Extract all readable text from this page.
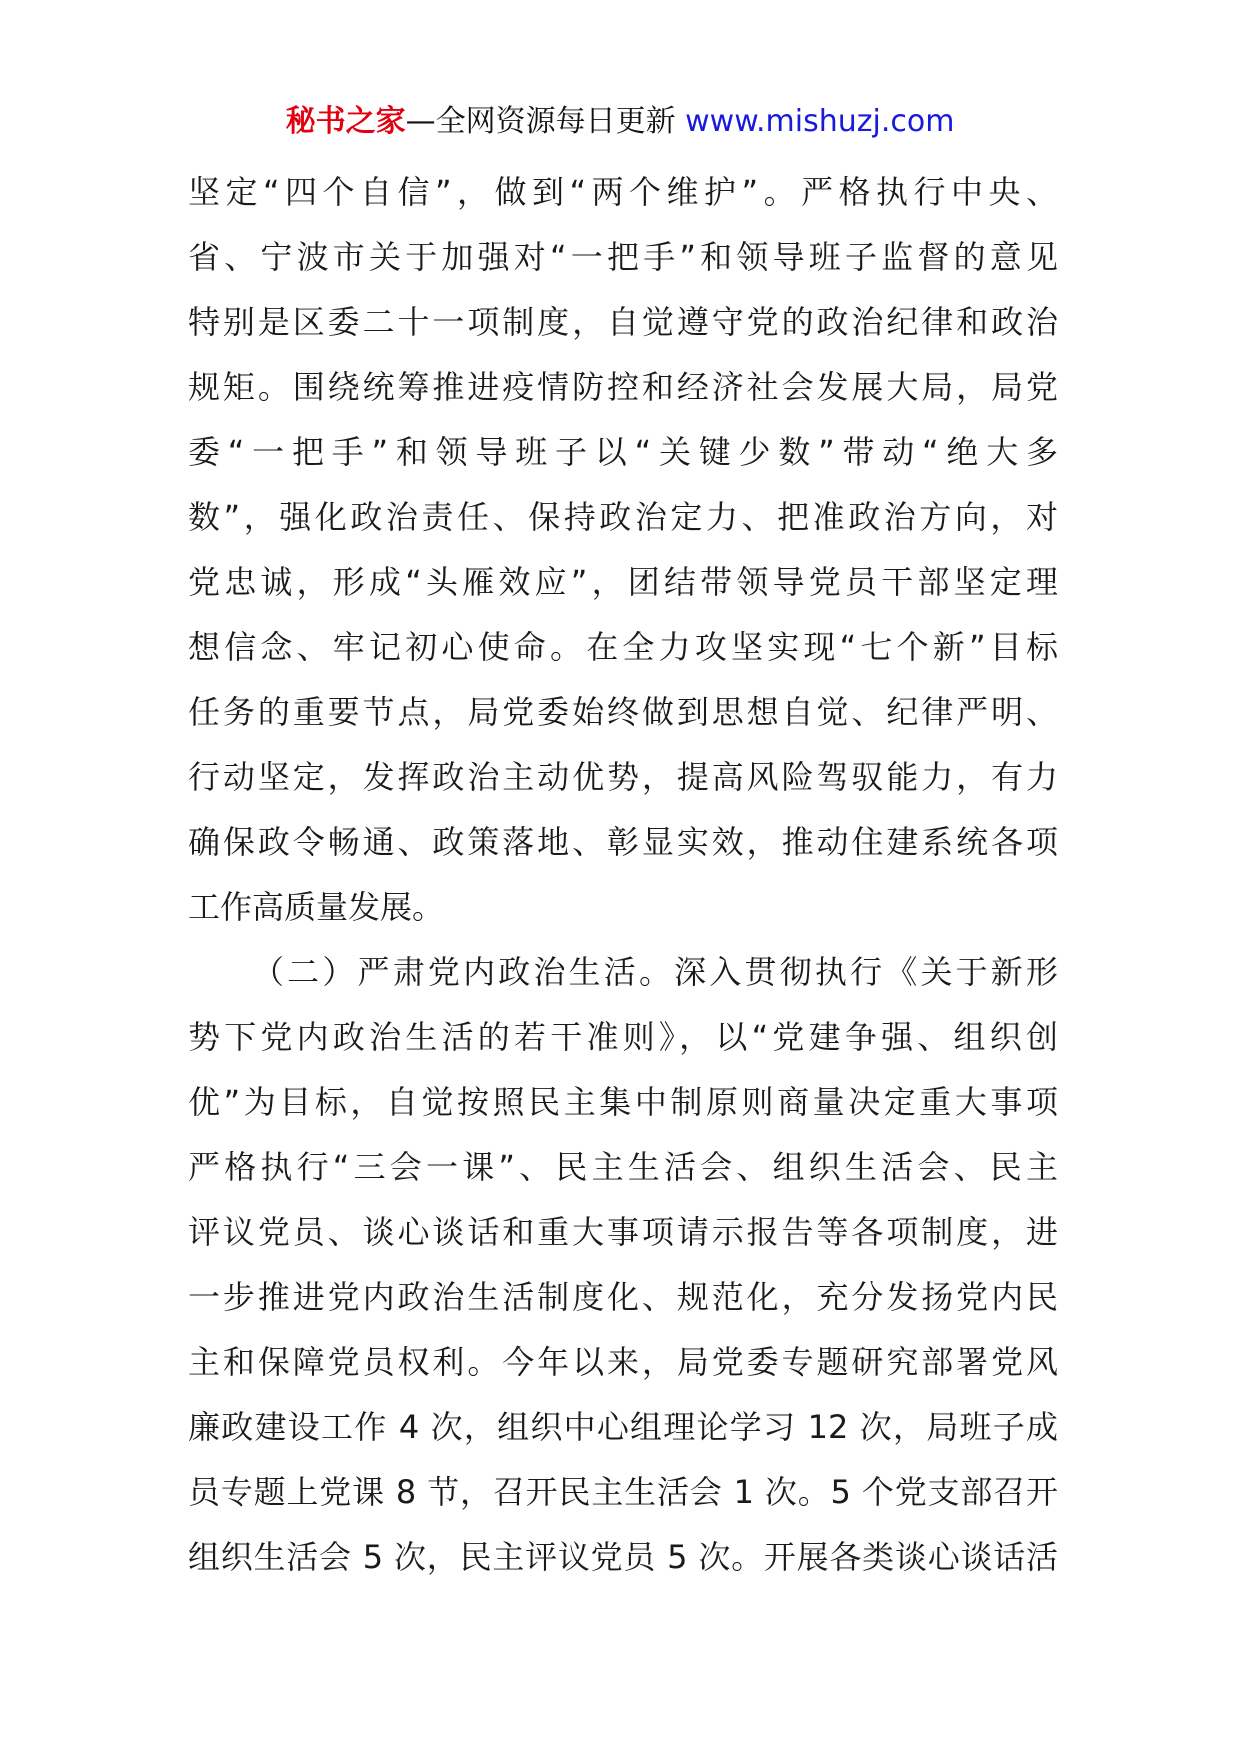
秘书之家—全网资源每日更新 www.mishuzj.com
坚定“四个自信”，做到“两个维护”。严格执行中央、
省、宁波市关于加强对“一把手”和领导班子监督的意见
特别是区委二十一项制度，自觉遵守党的政治纪律和政治
规矩。围绕统筹推进疫情防控和经济社会发展大局，局党
委“一把手”和领导班子以“关键少数”带动“绝大多
数”，强化政治责任、保持政治定力、把准政治方向，对
党忠诚，形成“头雁效应”，团结带领导党员干部坚定理
想信念、牢记初心使命。在全力攻坚实现“七个新”目标
任务的重要节点，局党委始终做到思想自觉、纪律严明、
行动坚定，发挥政治主动优势，提高风险驾驭能力，有力
确保政令畅通、政策落地、彰显实效，推动住建系统各项
工作高质量发展。
（二）严肃党内政治生活。深入贯彻执行《关于新形
势下党内政治生活的若干准则》，以“党建争强、组织创
优”为目标，自觉按照民主集中制原则商量决定重大事项
严格执行“三会一课”、民主生活会、组织生活会、民主
评议党员、谈心谈话和重大事项请示报告等各项制度，进
一步推进党内政治生活制度化、规范化，充分发扬党内民
主和保障党员权利。今年以来，局党委专题研究部署党风
廉政建设工作 4 次，组织中心组理论学习 12 次，局班子成
员专题上党课 8 节，召开民主生活会 1 次。5 个党支部召开
组织生活会 5 次，民主评议党员 5 次。开展各类谈心谈话活
